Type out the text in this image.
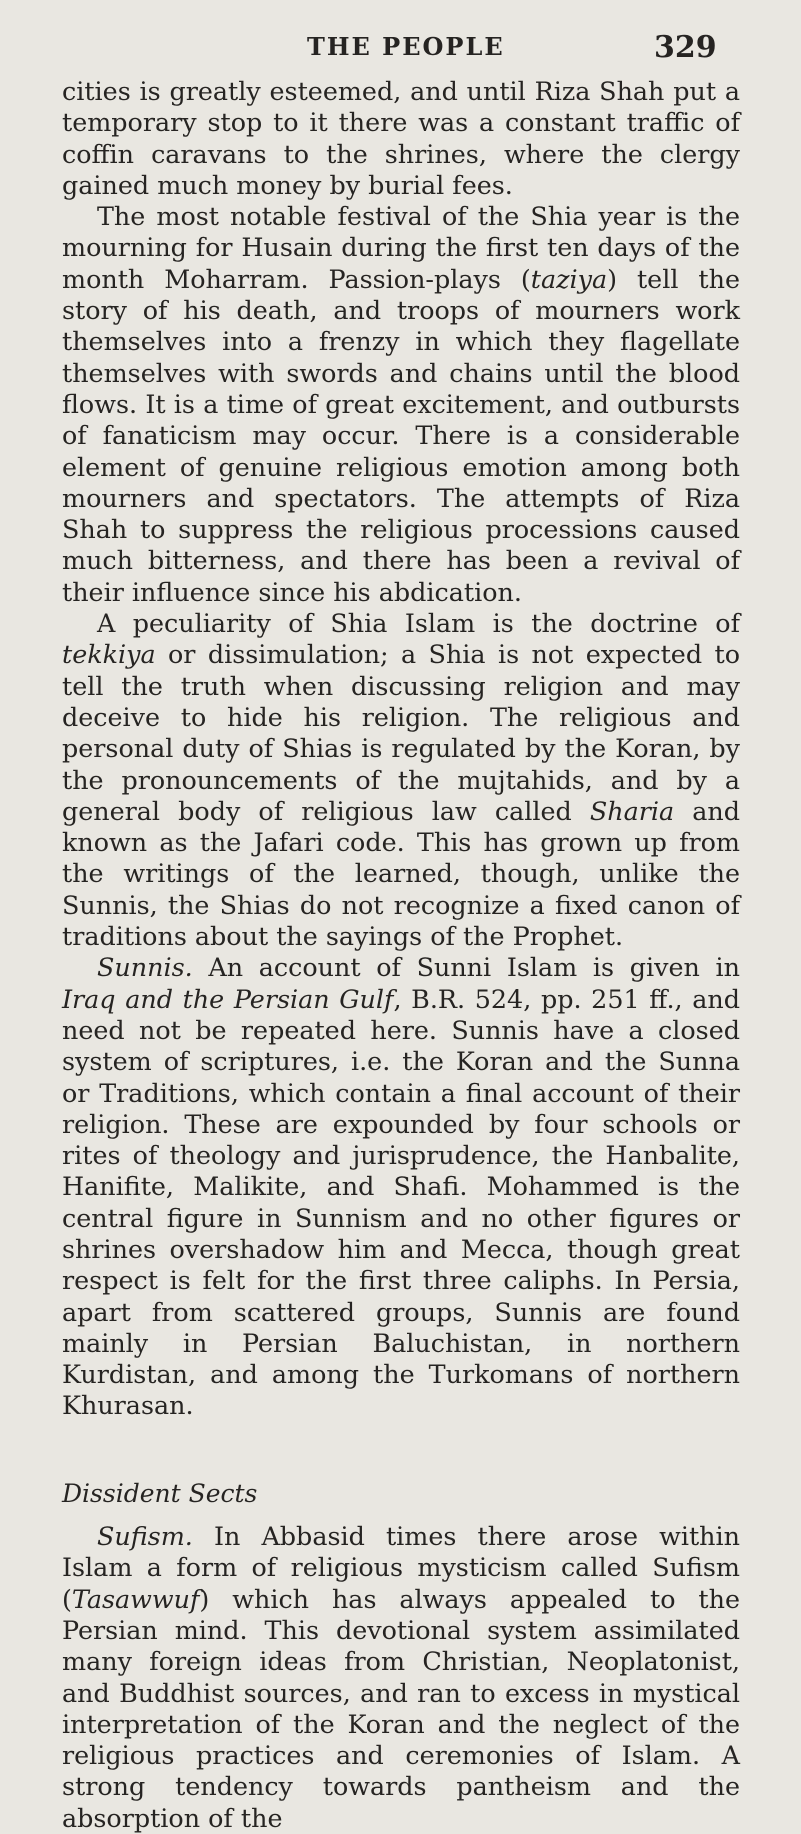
THE PEOPLE	329

cities is greatly esteemed, and until Riza Shah put a temporary stop to it there was a constant traffic of coffin caravans to the shrines, where the clergy gained much money by burial fees.

The most notable festival of the Shia year is the mourning for Husain during the first ten days of the month Moharram. Passion-plays (taziya) tell the story of his death, and troops of mourners work themselves into a frenzy in which they flagellate themselves with swords and chains until the blood flows. It is a time of great excitement, and outbursts of fanaticism may occur. There is a considerable element of genuine religious emotion among both mourners and spectators. The attempts of Riza Shah to suppress the religious processions caused much bitterness, and there has been a revival of their influence since his abdication.

A peculiarity of Shia Islam is the doctrine of tekkiya or dissimulation; a Shia is not expected to tell the truth when discussing religion and may deceive to hide his religion. The religious and personal duty of Shias is regulated by the Koran, by the pronouncements of the mujtahids, and by a general body of religious law called Sharia and known as the Jafari code. This has grown up from the writings of the learned, though, unlike the Sunnis, the Shias do not recognize a fixed canon of traditions about the sayings of the Prophet.

Sunnis. An account of Sunni Islam is given in Iraq and the Persian Gulf, B.R. 524, pp. 251 ff., and need not be repeated here. Sunnis have a closed system of scriptures, i.e. the Koran and the Sunna or Traditions, which contain a final account of their religion. These are expounded by four schools or rites of theology and jurisprudence, the Hanbalite, Hanifite, Malikite, and Shafi. Mohammed is the central figure in Sunnism and no other figures or shrines overshadow him and Mecca, though great respect is felt for the first three caliphs. In Persia, apart from scattered groups, Sunnis are found mainly in Persian Baluchistan, in northern Kurdistan, and among the Turkomans of northern Khurasan.

Dissident Sects

Sufism. In Abbasid times there arose within Islam a form of religious mysticism called Sufism (Tasawwuf) which has always appealed to the Persian mind. This devotional system assimilated many foreign ideas from Christian, Neoplatonist, and Buddhist sources, and ran to excess in mystical interpretation of the Koran and the neglect of the religious practices and ceremonies of Islam. A strong tendency towards pantheism and the absorption of the
